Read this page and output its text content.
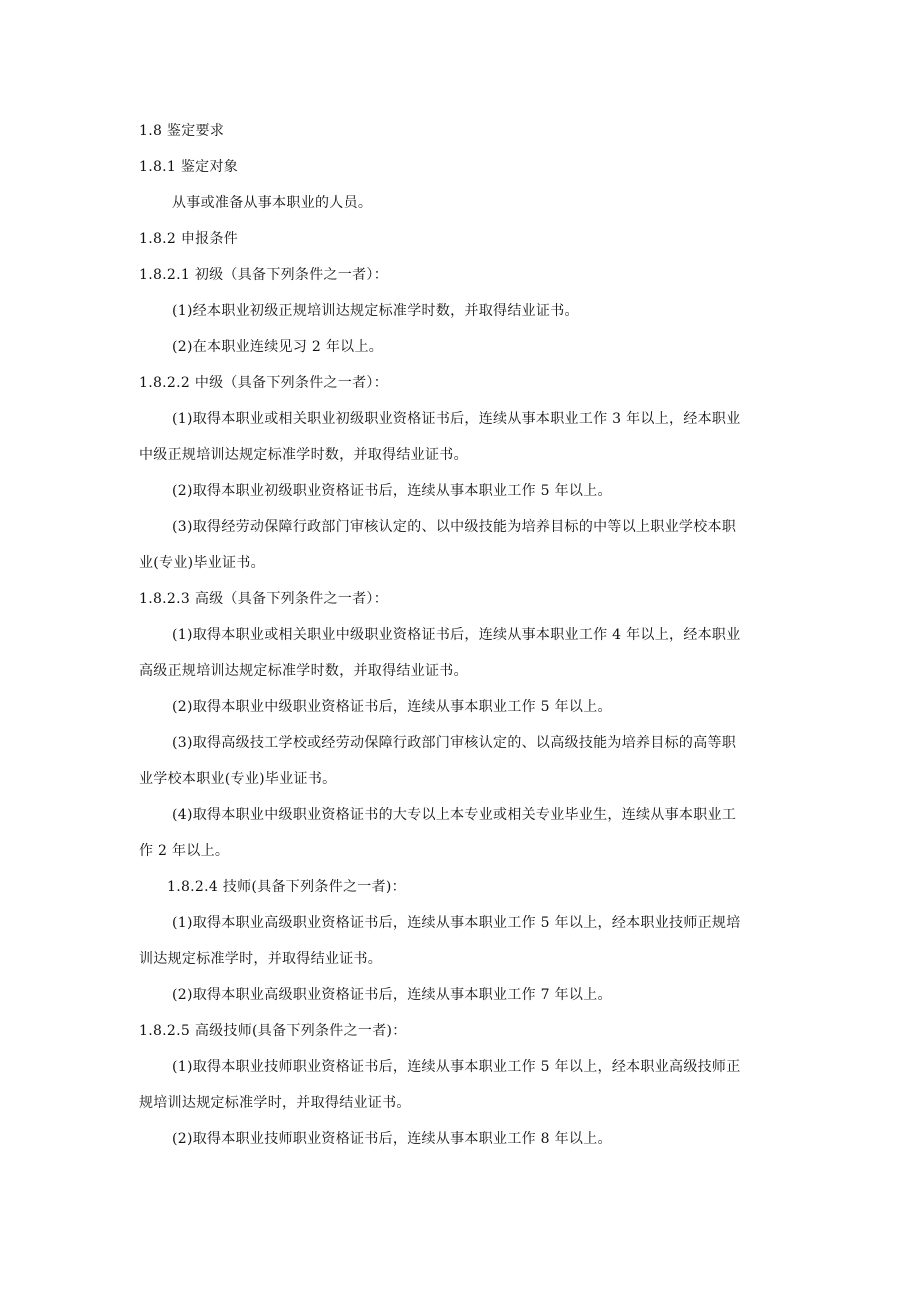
1.8 鉴定要求
1.8.1 鉴定对象
从事或准备从事本职业的人员。
1.8.2 申报条件
1.8.2.1 初级（具备下列条件之一者）：
(1)经本职业初级正规培训达规定标准学时数，并取得结业证书。
(2)在本职业连续见习 2 年以上。
1.8.2.2 中级（具备下列条件之一者）：
(1)取得本职业或相关职业初级职业资格证书后，连续从事本职业工作 3 年以上，经本职业
中级正规培训达规定标准学时数，并取得结业证书。
(2)取得本职业初级职业资格证书后，连续从事本职业工作 5 年以上。
(3)取得经劳动保障行政部门审核认定的、以中级技能为培养目标的中等以上职业学校本职
业(专业)毕业证书。
1.8.2.3 高级（具备下列条件之一者）：
(1)取得本职业或相关职业中级职业资格证书后，连续从事本职业工作 4 年以上，经本职业
高级正规培训达规定标准学时数，并取得结业证书。
(2)取得本职业中级职业资格证书后，连续从事本职业工作 5 年以上。
(3)取得高级技工学校或经劳动保障行政部门审核认定的、以高级技能为培养目标的高等职
业学校本职业(专业)毕业证书。
(4)取得本职业中级职业资格证书的大专以上本专业或相关专业毕业生，连续从事本职业工
作 2 年以上。
1.8.2.4 技师(具备下列条件之一者)：
(1)取得本职业高级职业资格证书后，连续从事本职业工作 5 年以上，经本职业技师正规培
训达规定标准学时，并取得结业证书。
(2)取得本职业高级职业资格证书后，连续从事本职业工作 7 年以上。
1.8.2.5 高级技师(具备下列条件之一者)：
(1)取得本职业技师职业资格证书后，连续从事本职业工作 5 年以上，经本职业高级技师正
规培训达规定标准学时，并取得结业证书。
(2)取得本职业技师职业资格证书后，连续从事本职业工作 8 年以上。
